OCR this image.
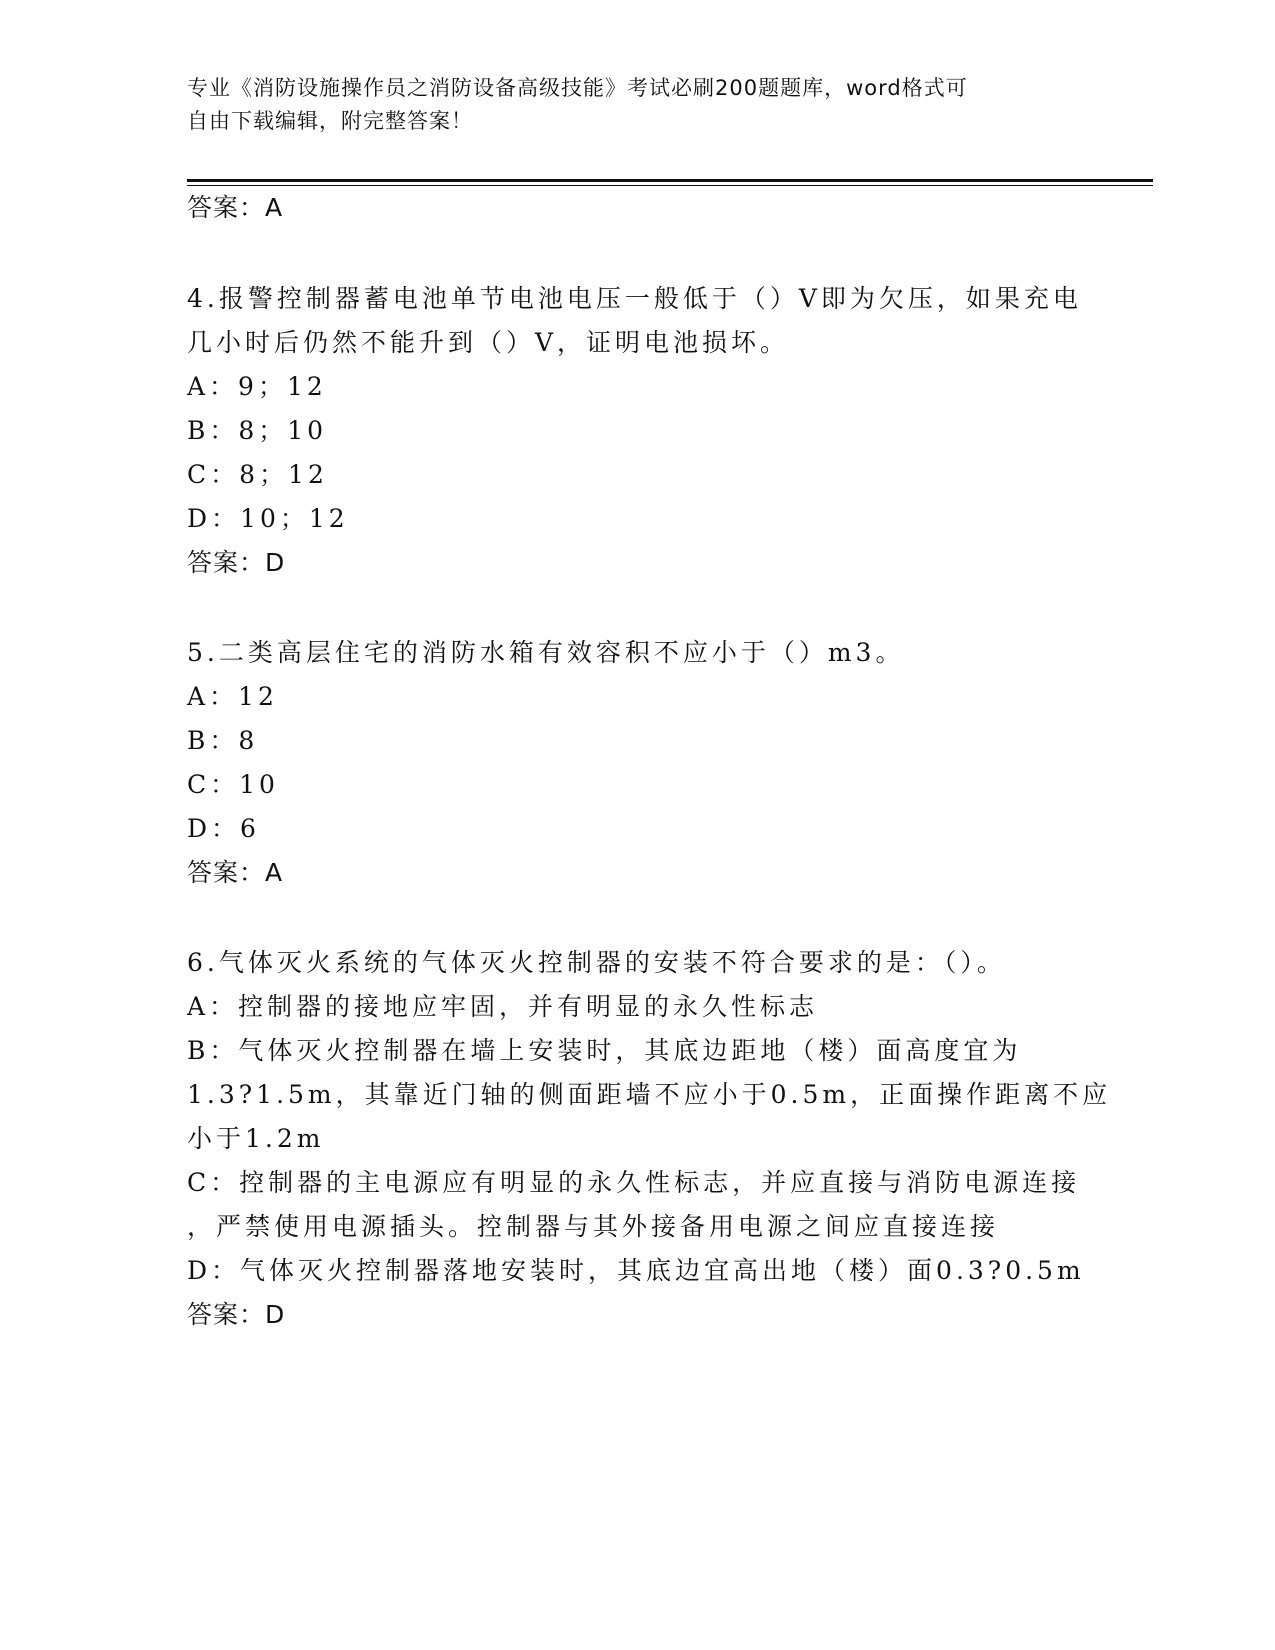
专业《消防设施操作员之消防设备高级技能》考试必刷200题题库，word格式可
自由下载编辑，附完整答案！
答案：A
4.报警控制器蓄电池单节电池电压一般低于（）V即为欠压，如果充电
几小时后仍然不能升到（）V，证明电池损坏。
A：9；12
B：8；10
C：8；12
D：10；12
答案：D
5.二类高层住宅的消防水箱有效容积不应小于（）m3。
A：12
B：8
C：10
D：6
答案：A
6.气体灭火系统的气体灭火控制器的安装不符合要求的是：（）。
A：控制器的接地应牢固，并有明显的永久性标志
B：气体灭火控制器在墙上安装时，其底边距地（楼）面高度宜为
1.3?1.5m，其靠近门轴的侧面距墙不应小于0.5m，正面操作距离不应
小于1.2m
C：控制器的主电源应有明显的永久性标志，并应直接与消防电源连接
，严禁使用电源插头。控制器与其外接备用电源之间应直接连接
D：气体灭火控制器落地安装时，其底边宜高出地（楼）面0.3?0.5m
答案：D
